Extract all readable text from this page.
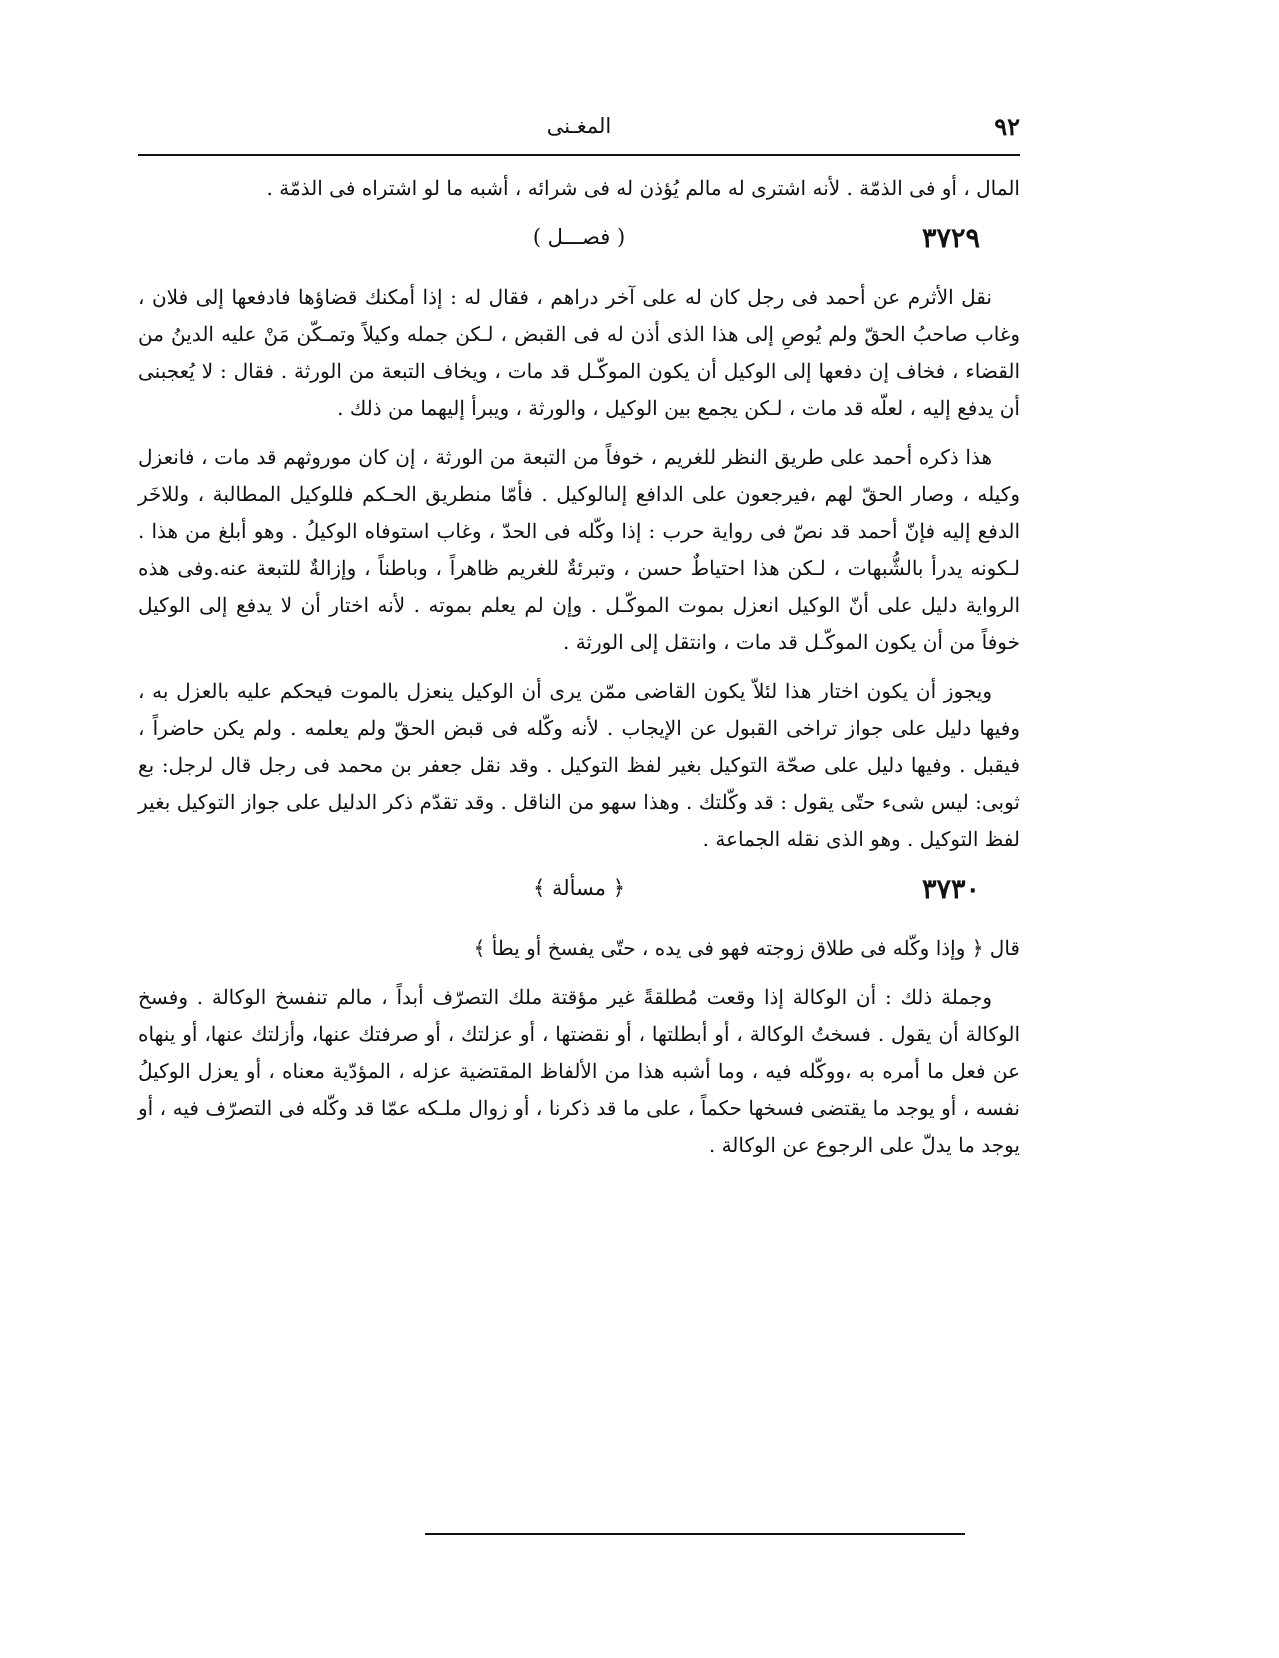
٩٢
المغـنى

المال ، أو فى الذمّة . لأنه اشترى له مالم يُؤذن له فى شرائه ، أشبه ما لو اشتراه فى الذمّة .

٣٧٢٩
( فصـــل )

نقل الأثرم عن أحمد فى رجل كان له على آخر دراهم ، فقال له : إذا أمكنك قضاؤها فادفعها إلى فلان ، وغاب صاحبُ الحقّ ولم يُوصِ إلى هذا الذى أذن له فى القبض ، لـكن جمله وكيلاً وتمـكّن مَنْ عليه الدينُ من القضاء ، فخاف إن دفعها إلى الوكيل أن يكون الموكّـل قد مات ، ويخاف التبعة من الورثة . فقال : لا يُعجبنى أن يدفع إليه ، لعلّه قد مات ، لـكن يجمع بين الوكيل ، والورثة ، ويبرأ إليهما من ذلك .

هذا ذكره أحمد على طريق النظر للغريم ، خوفاً من التبعة من الورثة ، إن كان موروثهم قد مات ، فانعزل وكيله ، وصار الحقّ لهم ،فيرجعون على الدافع إلىالوكيل . فأمّا منطريق الحـكم فللوكيل المطالبة ، وللاخَر الدفع إليه فإنّ أحمد قد نصّ فى رواية حرب : إذا وكّله فى الحدّ ، وغاب استوفاه الوكيلُ . وهو أبلغ من هذا . لـكونه يدرأ بالشُّبهات ، لـكن هذا احتياطٌ حسن ، وتبرئةٌ للغريم ظاهراً ، وباطناً ، وإزالةٌ للتبعة عنه.وفى هذه الرواية دليل على أنّ الوكيل انعزل بموت الموكّـل . وإن لم يعلم بموته . لأنه اختار أن لا يدفع إلى الوكيل خوفاً من أن يكون الموكّـل قد مات ، وانتقل إلى الورثة .

ويجوز أن يكون اختار هذا لئلاّ يكون القاضى ممّن يرى أن الوكيل ينعزل بالموت فيحكم عليه بالعزل به ، وفيها دليل على جواز تراخى القبول عن الإيجاب . لأنه وكّله فى قبض الحقّ ولم يعلمه . ولم يكن حاضراً ، فيقبل . وفيها دليل على صحّة التوكيل بغير لفظ التوكيل . وقد نقل جعفر بن محمد فى رجل قال لرجل: بع ثوبى: ليس شىء حتّى يقول : قد وكّلتك . وهذا سهو من الناقل . وقد تقدّم ذكر الدليل على جواز التوكيل بغير لفظ التوكيل . وهو الذى نقله الجماعة .

٣٧٣٠
﴿ مسألة ﴾

قال ﴿ وإذا وكّله فى طلاق زوجته فهو فى يده ، حتّى يفسخ أو يطأ ﴾

وجملة ذلك : أن الوكالة إذا وقعت مُطلقةً غير مؤقتة ملك التصرّف أبداً ، مالم تنفسخ الوكالة . وفسخ الوكالة أن يقول . فسختُ الوكالة ، أو أبطلتها ، أو نقضتها ، أو عزلتك ، أو صرفتك عنها، وأزلتك عنها، أو ينهاه عن فعل ما أمره به ،ووكّله فيه ، وما أشبه هذا من الألفاظ المقتضية عزله ، المؤدّية معناه ، أو يعزل الوكيلُ نفسه ، أو يوجد ما يقتضى فسخها حكماً ، على ما قد ذكرنا ، أو زوال ملـكه عمّا قد وكّله فى التصرّف فيه ، أو يوجد ما يدلّ على الرجوع عن الوكالة .
